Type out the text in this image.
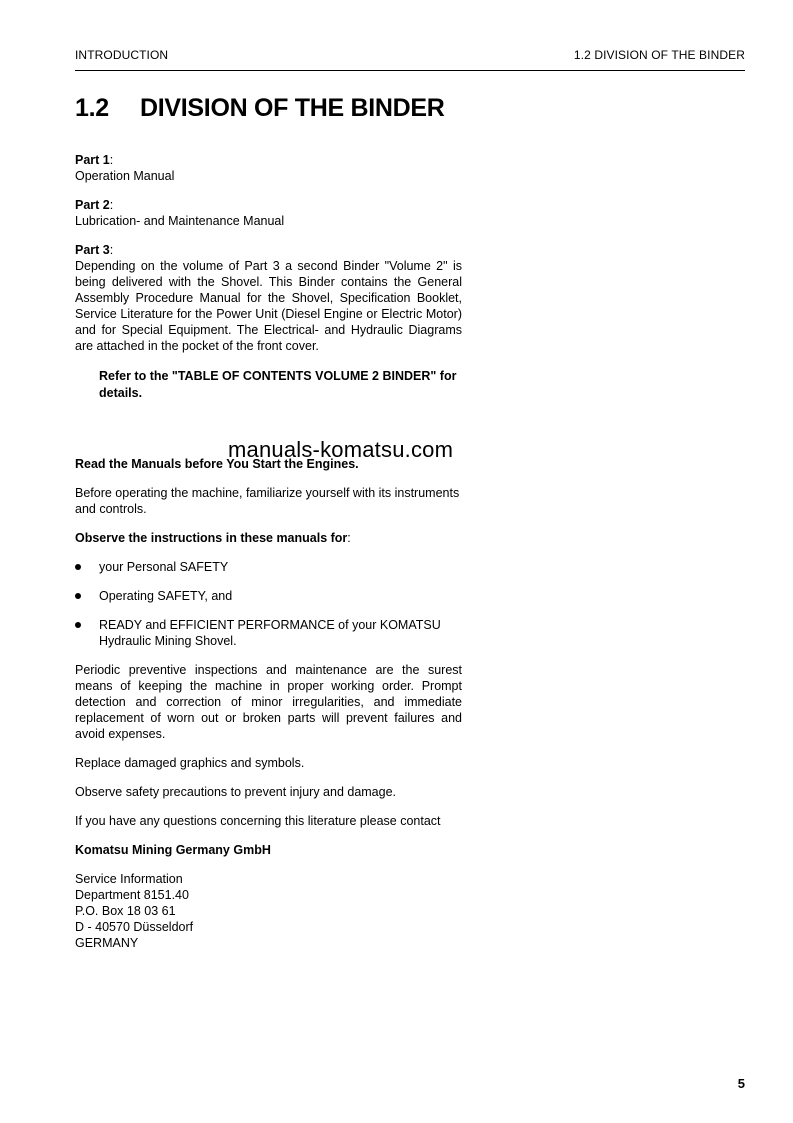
INTRODUCTION	1.2 DIVISION OF THE BINDER
1.2 DIVISION OF THE BINDER

Part 1:

Operation Manual

Part 2:

Lubrication- and Maintenance Manual

Part 3:

Depending on the volume of Part 3 a second Binder "Volume 2" is being delivered with the Shovel. This Binder contains the General Assembly Procedure Manual for the Shovel, Specification Booklet, Service Literature for the Power Unit (Diesel Engine or Electric Motor) and for Special Equipment. The Electrical- and Hydraulic Diagrams are attached in the pocket of the front cover.

Refer to the "TABLE OF CONTENTS VOLUME 2 BINDER" for details.

Read the Manuals before You Start the Engines.

Before operating the machine, familiarize yourself with its instruments and controls.

Observe the instructions in these manuals for:

your Personal SAFETY
Operating SAFETY, and
READY and EFFICIENT PERFORMANCE of your KOMATSU Hydraulic Mining Shovel.

Periodic preventive inspections and maintenance are the surest means of keeping the machine in proper working order. Prompt detection and correction of minor irregularities, and immediate replacement of worn out or broken parts will prevent failures and avoid expenses.

Replace damaged graphics and symbols.

Observe safety precautions to prevent injury and damage.

If you have any questions concerning this literature please contact

Komatsu Mining Germany GmbH

Service Information

Department 8151.40

P.O. Box 18 03 61

D - 40570 Düsseldorf

GERMANY

manuals-komatsu.com
5
